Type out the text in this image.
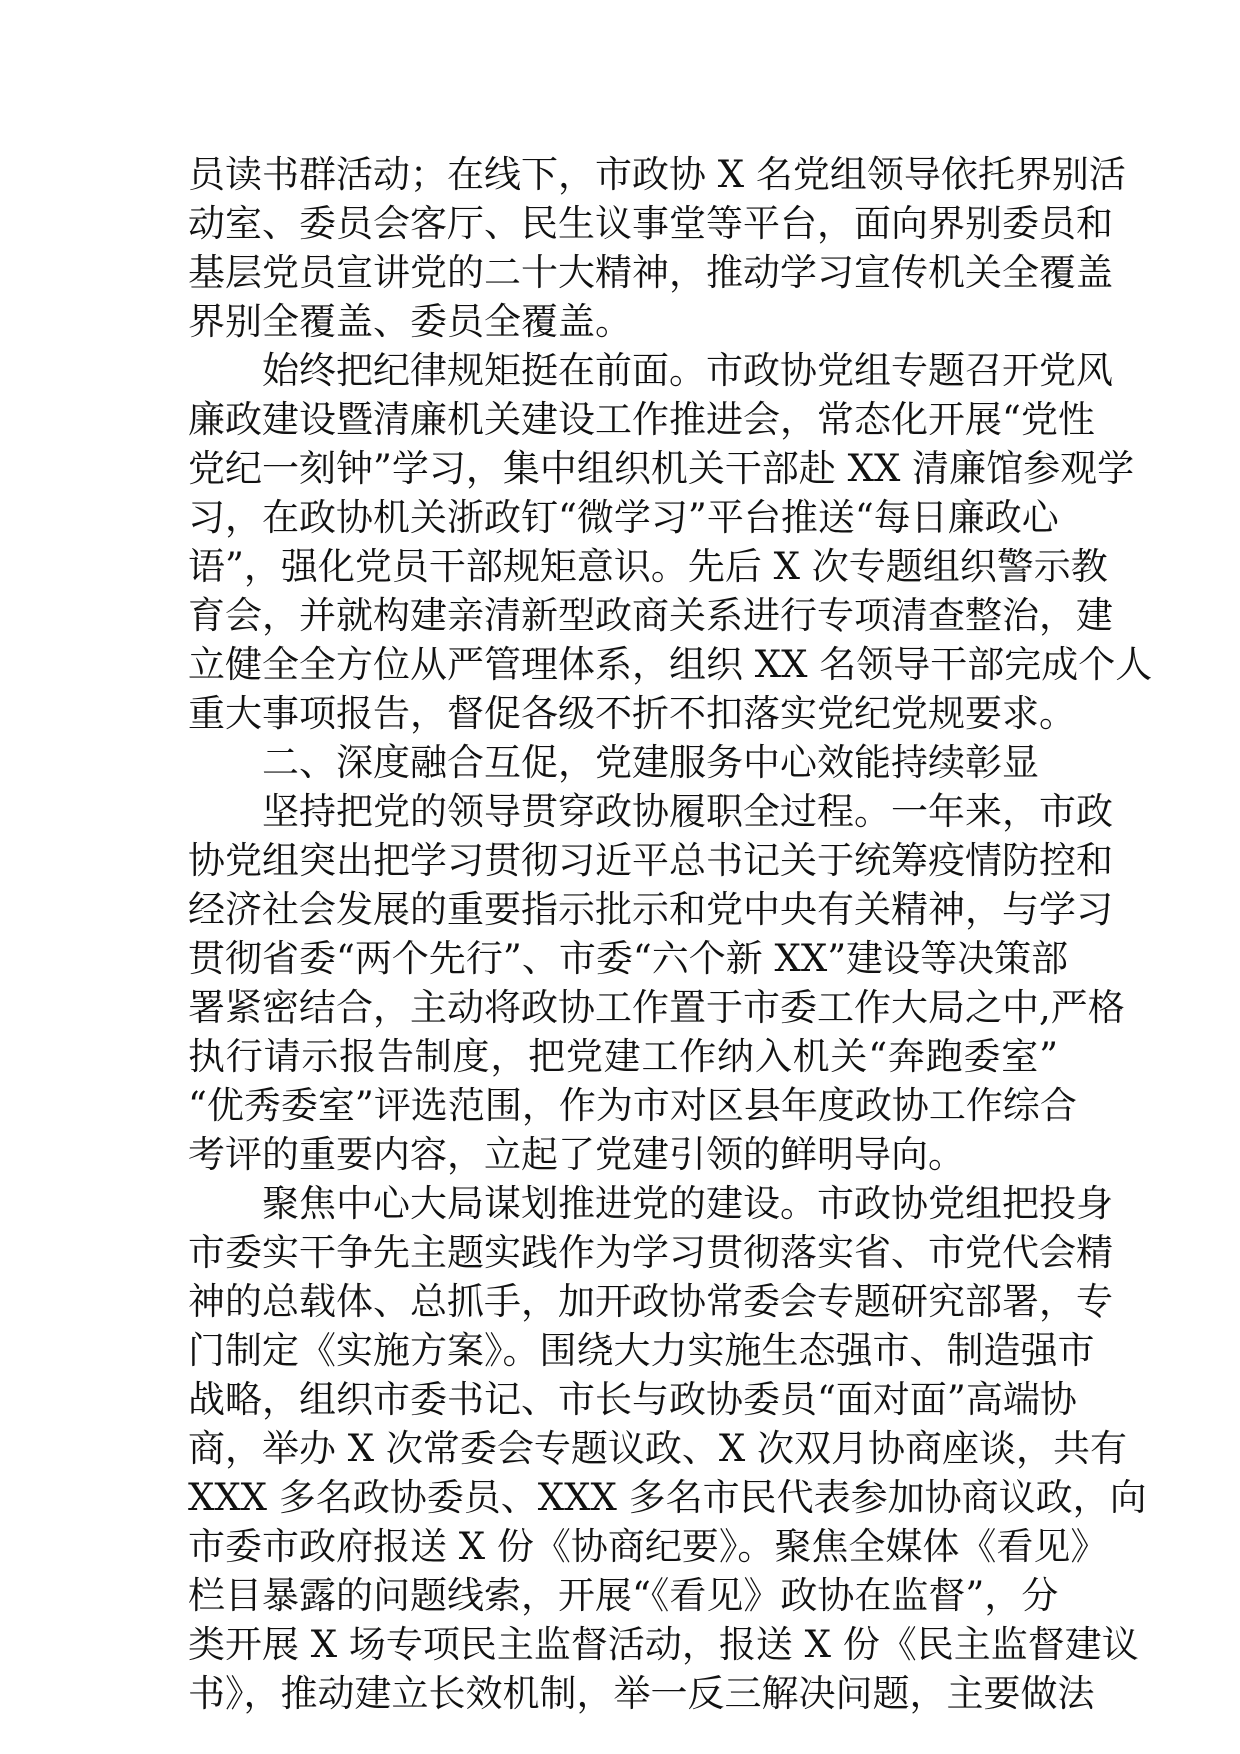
员读书群活动；在线下，市政协 X 名党组领导依托界别活
动室、委员会客厅、民生议事堂等平台，面向界别委员和
基层党员宣讲党的二十大精神，推动学习宣传机关全覆盖
界别全覆盖、委员全覆盖。
始终把纪律规矩挺在前面。市政协党组专题召开党风
廉政建设暨清廉机关建设工作推进会，常态化开展“党性
党纪一刻钟”学习，集中组织机关干部赴 XX 清廉馆参观学
习，在政协机关浙政钉“微学习”平台推送“每日廉政心
语”，强化党员干部规矩意识。先后 X 次专题组织警示教
育会，并就构建亲清新型政商关系进行专项清查整治，建
立健全全方位从严管理体系，组织 XX 名领导干部完成个人
重大事项报告，督促各级不折不扣落实党纪党规要求。
二、深度融合互促，党建服务中心效能持续彰显
坚持把党的领导贯穿政协履职全过程。一年来，市政
协党组突出把学习贯彻习近平总书记关于统筹疫情防控和
经济社会发展的重要指示批示和党中央有关精神，与学习
贯彻省委“两个先行”、市委“六个新 XX”建设等决策部
署紧密结合，主动将政协工作置于市委工作大局之中,严格
执行请示报告制度，把党建工作纳入机关“奔跑委室”
“优秀委室”评选范围，作为市对区县年度政协工作综合
考评的重要内容，立起了党建引领的鲜明导向。
聚焦中心大局谋划推进党的建设。市政协党组把投身
市委实干争先主题实践作为学习贯彻落实省、市党代会精
神的总载体、总抓手，加开政协常委会专题研究部署，专
门制定《实施方案》。围绕大力实施生态强市、制造强市
战略，组织市委书记、市长与政协委员“面对面”高端协
商，举办 X 次常委会专题议政、X 次双月协商座谈，共有
XXX 多名政协委员、XXX 多名市民代表参加协商议政，向
市委市政府报送 X 份《协商纪要》。聚焦全媒体《看见》
栏目暴露的问题线索，开展“《看见》政协在监督”，分
类开展 X 场专项民主监督活动，报送 X 份《民主监督建议
书》，推动建立长效机制，举一反三解决问题，主要做法
